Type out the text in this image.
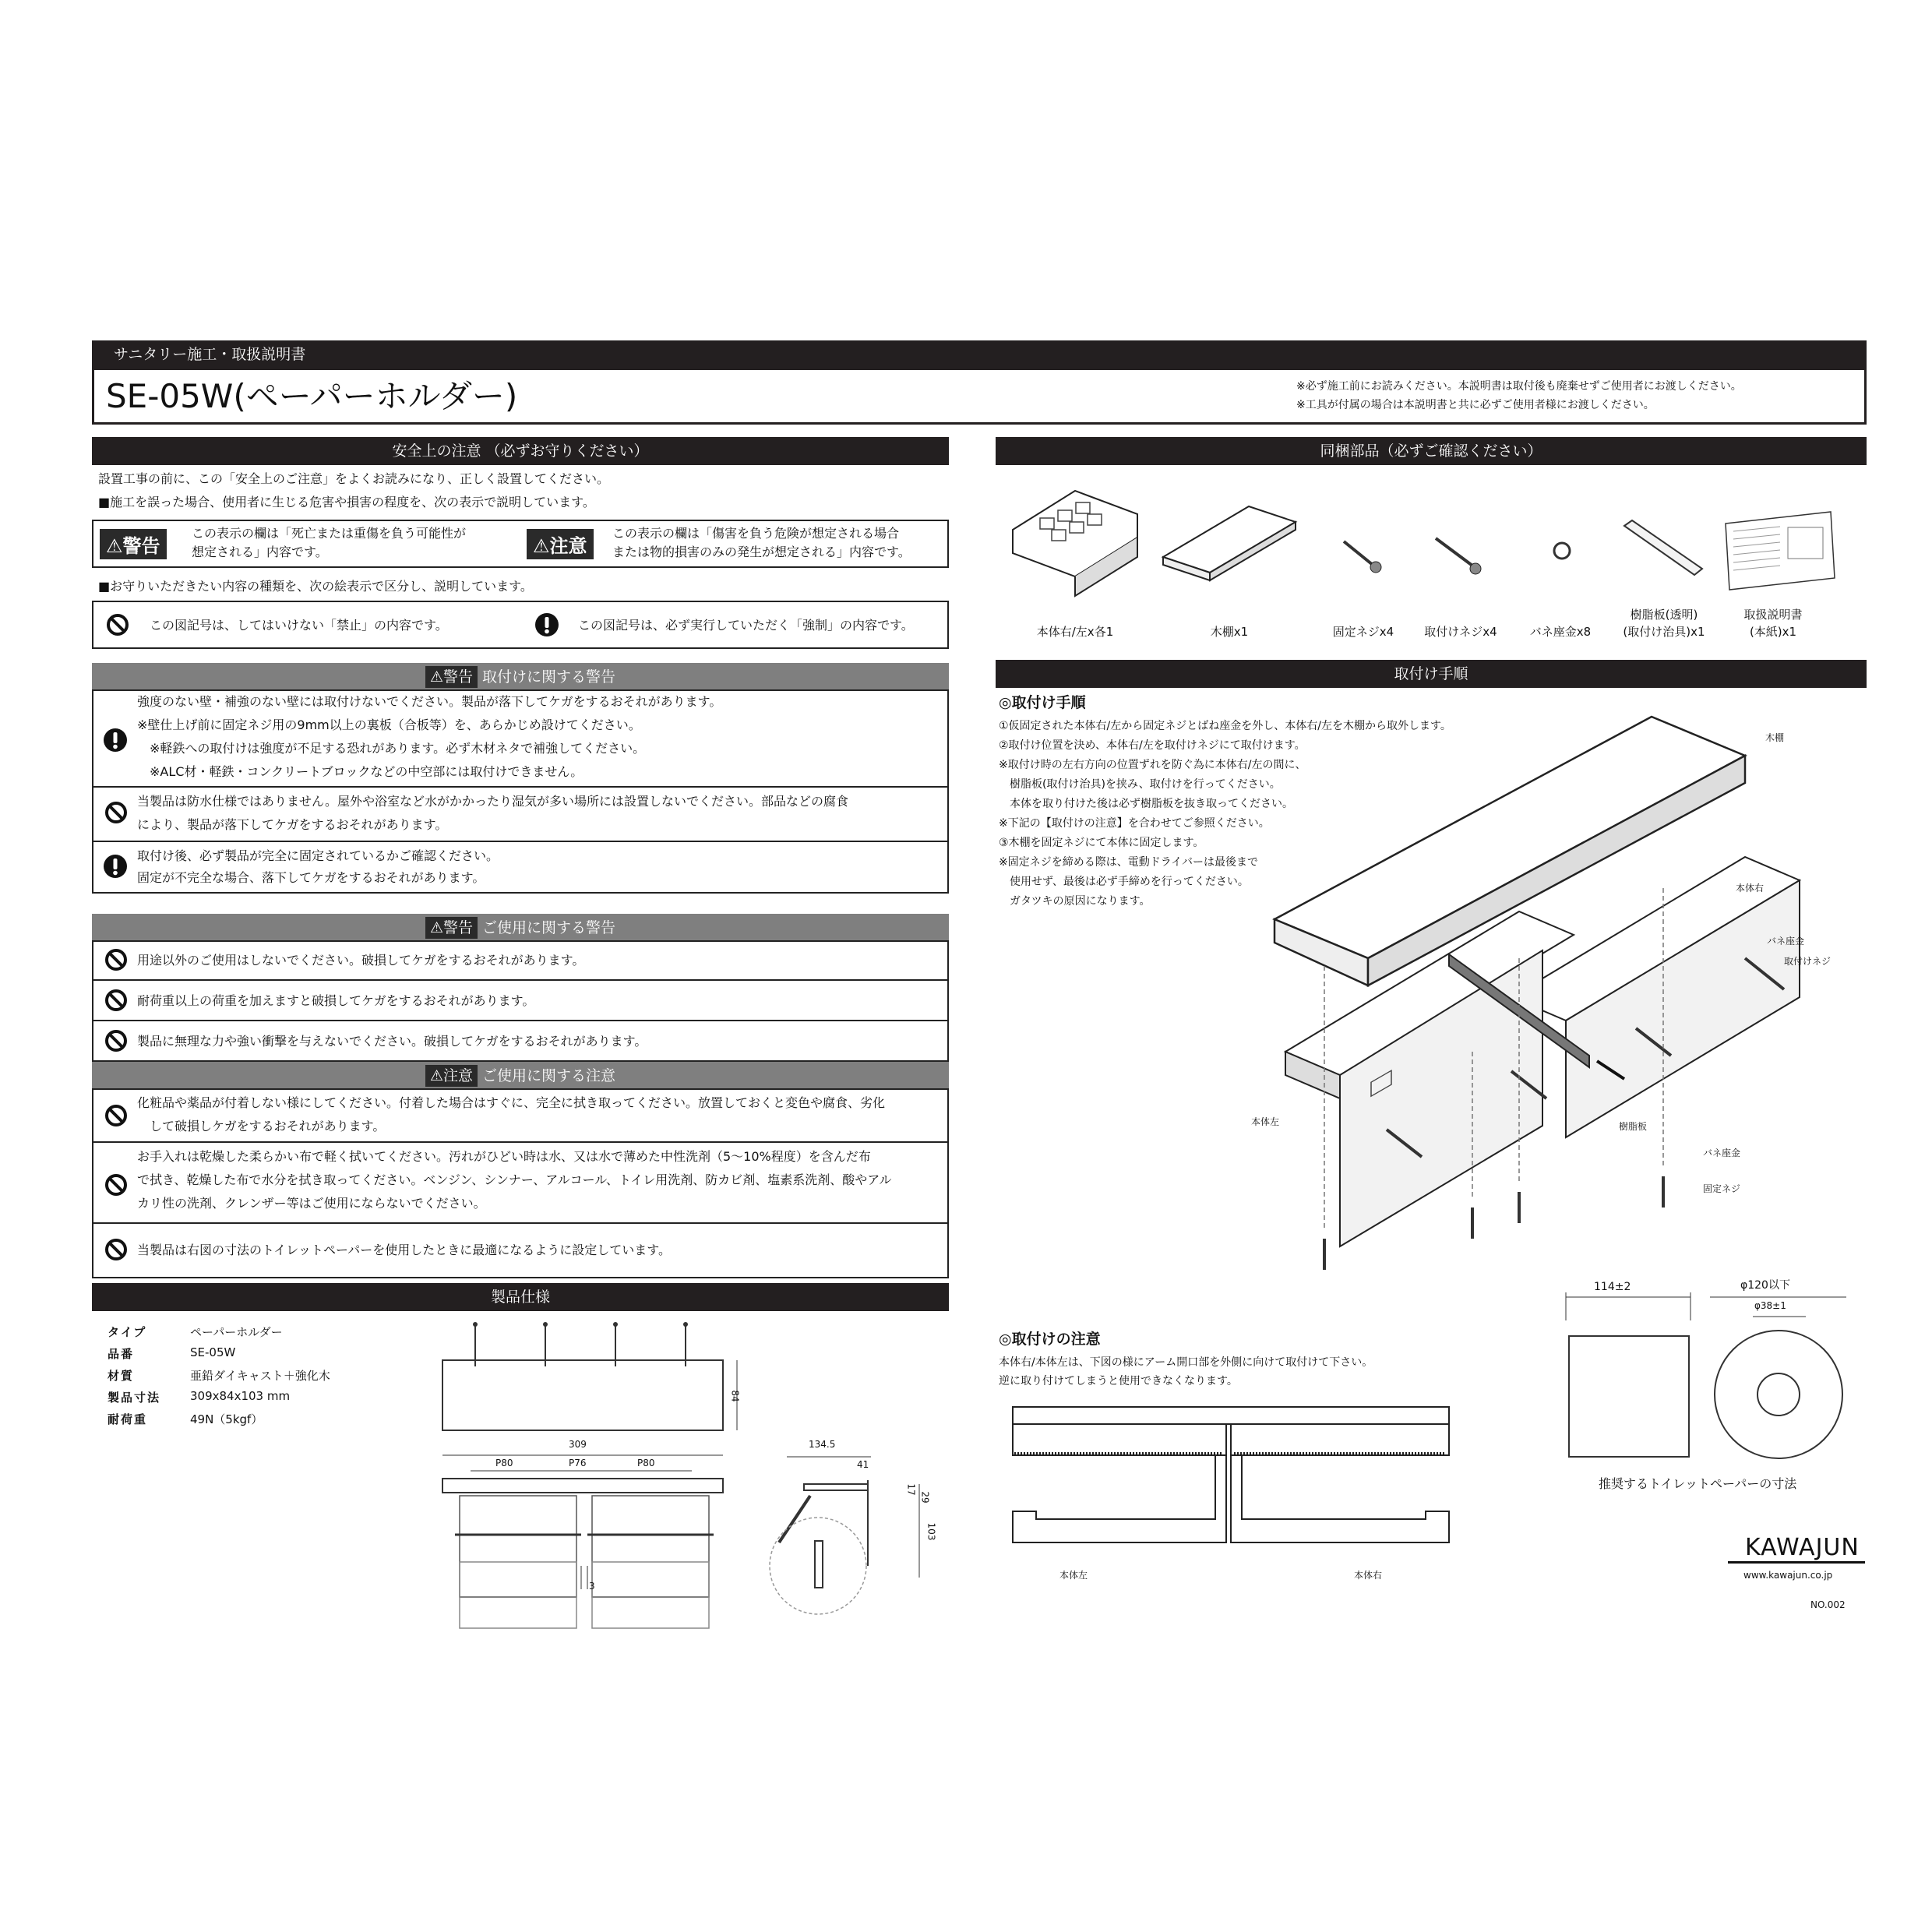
サニタリー施工・取扱説明書
SE-05W(ペーパーホルダー)	※必ず施工前にお読みください。本説明書は取付後も廃棄せずご使用者にお渡しください。
※工具が付属の場合は本説明書と共に必ずご使用者様にお渡しください。
安全上の注意 （必ずお守りください）
設置工事の前に、この「安全上のご注意」をよくお読みになり、正しく設置してください。
■施工を誤った場合、使用者に生じる危害や損害の程度を、次の表示で説明しています。
⚠警告
この表示の欄は「死亡または重傷を負う可能性が
想定される」内容です。	⚠注意
この表示の欄は「傷害を負う危険が想定される場合
または物的損害のみの発生が想定される」内容です。
■お守りいただきたい内容の種類を、次の絵表示で区分し、説明しています。
この図記号は、してはいけない「禁止」の内容です。	この図記号は、必ず実行していただく「強制」の内容です。
⚠警告 取付けに関する警告
強度のない壁・補強のない壁には取付けないでください。製品が落下してケガをするおそれがあります。
※壁仕上げ前に固定ネジ用の9mm以上の裏板（合板等）を、あらかじめ設けてください。
※軽鉄への取付けは強度が不足する恐れがあります。必ず木材ネタで補強してください。
※ALC材・軽鉄・コンクリートブロックなどの中空部には取付けできません。
当製品は防水仕様ではありません。屋外や浴室など水がかかったり湿気が多い場所には設置しないでください。部品などの腐食
により、製品が落下してケガをするおそれがあります。
取付け後、必ず製品が完全に固定されているかご確認ください。
固定が不完全な場合、落下してケガをするおそれがあります。
⚠警告 ご使用に関する警告
用途以外のご使用はしないでください。破損してケガをするおそれがあります。
耐荷重以上の荷重を加えますと破損してケガをするおそれがあります。
製品に無理な力や強い衝撃を与えないでください。破損してケガをするおそれがあります。
⚠注意 ご使用に関する注意
化粧品や薬品が付着しない様にしてください。付着した場合はすぐに、完全に拭き取ってください。放置しておくと変色や腐食、劣化
して破損しケガをするおそれがあります。
お手入れは乾燥した柔らかい布で軽く拭いてください。汚れがひどい時は水、又は水で薄めた中性洗剤（5～10%程度）を含んだ布
で拭き、乾燥した布で水分を拭き取ってください。ベンジン、シンナー、アルコール、トイレ用洗剤、防カビ剤、塩素系洗剤、酸やアル
カリ性の洗剤、クレンザー等はご使用にならないでください。
当製品は右図の寸法のトイレットペーパーを使用したときに最適になるように設定しています。
製品仕様
タイプ	ペーパーホルダー
品番	SE-05W
材質	亜鉛ダイキャスト＋強化木
製品寸法	309x84x103 mm
耐荷重	49N（5kgf）
84
309
P80	P76	P80
3
134.5
41
17
29
103
同梱部品（必ずご確認ください）
本体右/左x各1	木棚x1	固定ネジx4	取付けネジx4	バネ座金x8
樹脂板(透明)
(取付け治具)x1
取扱説明書
(本紙)x1
取付け手順
◎取付け手順
①仮固定された本体右/左から固定ネジとばね座金を外し、本体右/左を木棚から取外します。
②取付け位置を決め、本体右/左を取付けネジにて取付けます。
※取付け時の左右方向の位置ずれを防ぐ為に本体右/左の間に、
　樹脂板(取付け治具)を挟み、取付けを行ってください。
　本体を取り付けた後は必ず樹脂板を抜き取ってください。
※下記の【取付けの注意】を合わせてご参照ください。
③木棚を固定ネジにて本体に固定します。
※固定ネジを締める際は、電動ドライバーは最後まで
　使用せず、最後は必ず手締めを行ってください。
　ガタツキの原因になります。
木棚
本体右
バネ座金
取付けネジ
本体左	樹脂板
バネ座金
固定ネジ
◎取付けの注意
本体右/本体左は、下図の様にアーム開口部を外側に向けて取付けて下さい。
逆に取り付けてしまうと使用できなくなります。
本体左	本体右
114±2	φ120以下
φ38±1
推奨するトイレットペーパーの寸法
KAWAJUN
www.kawajun.co.jp
NO.002
